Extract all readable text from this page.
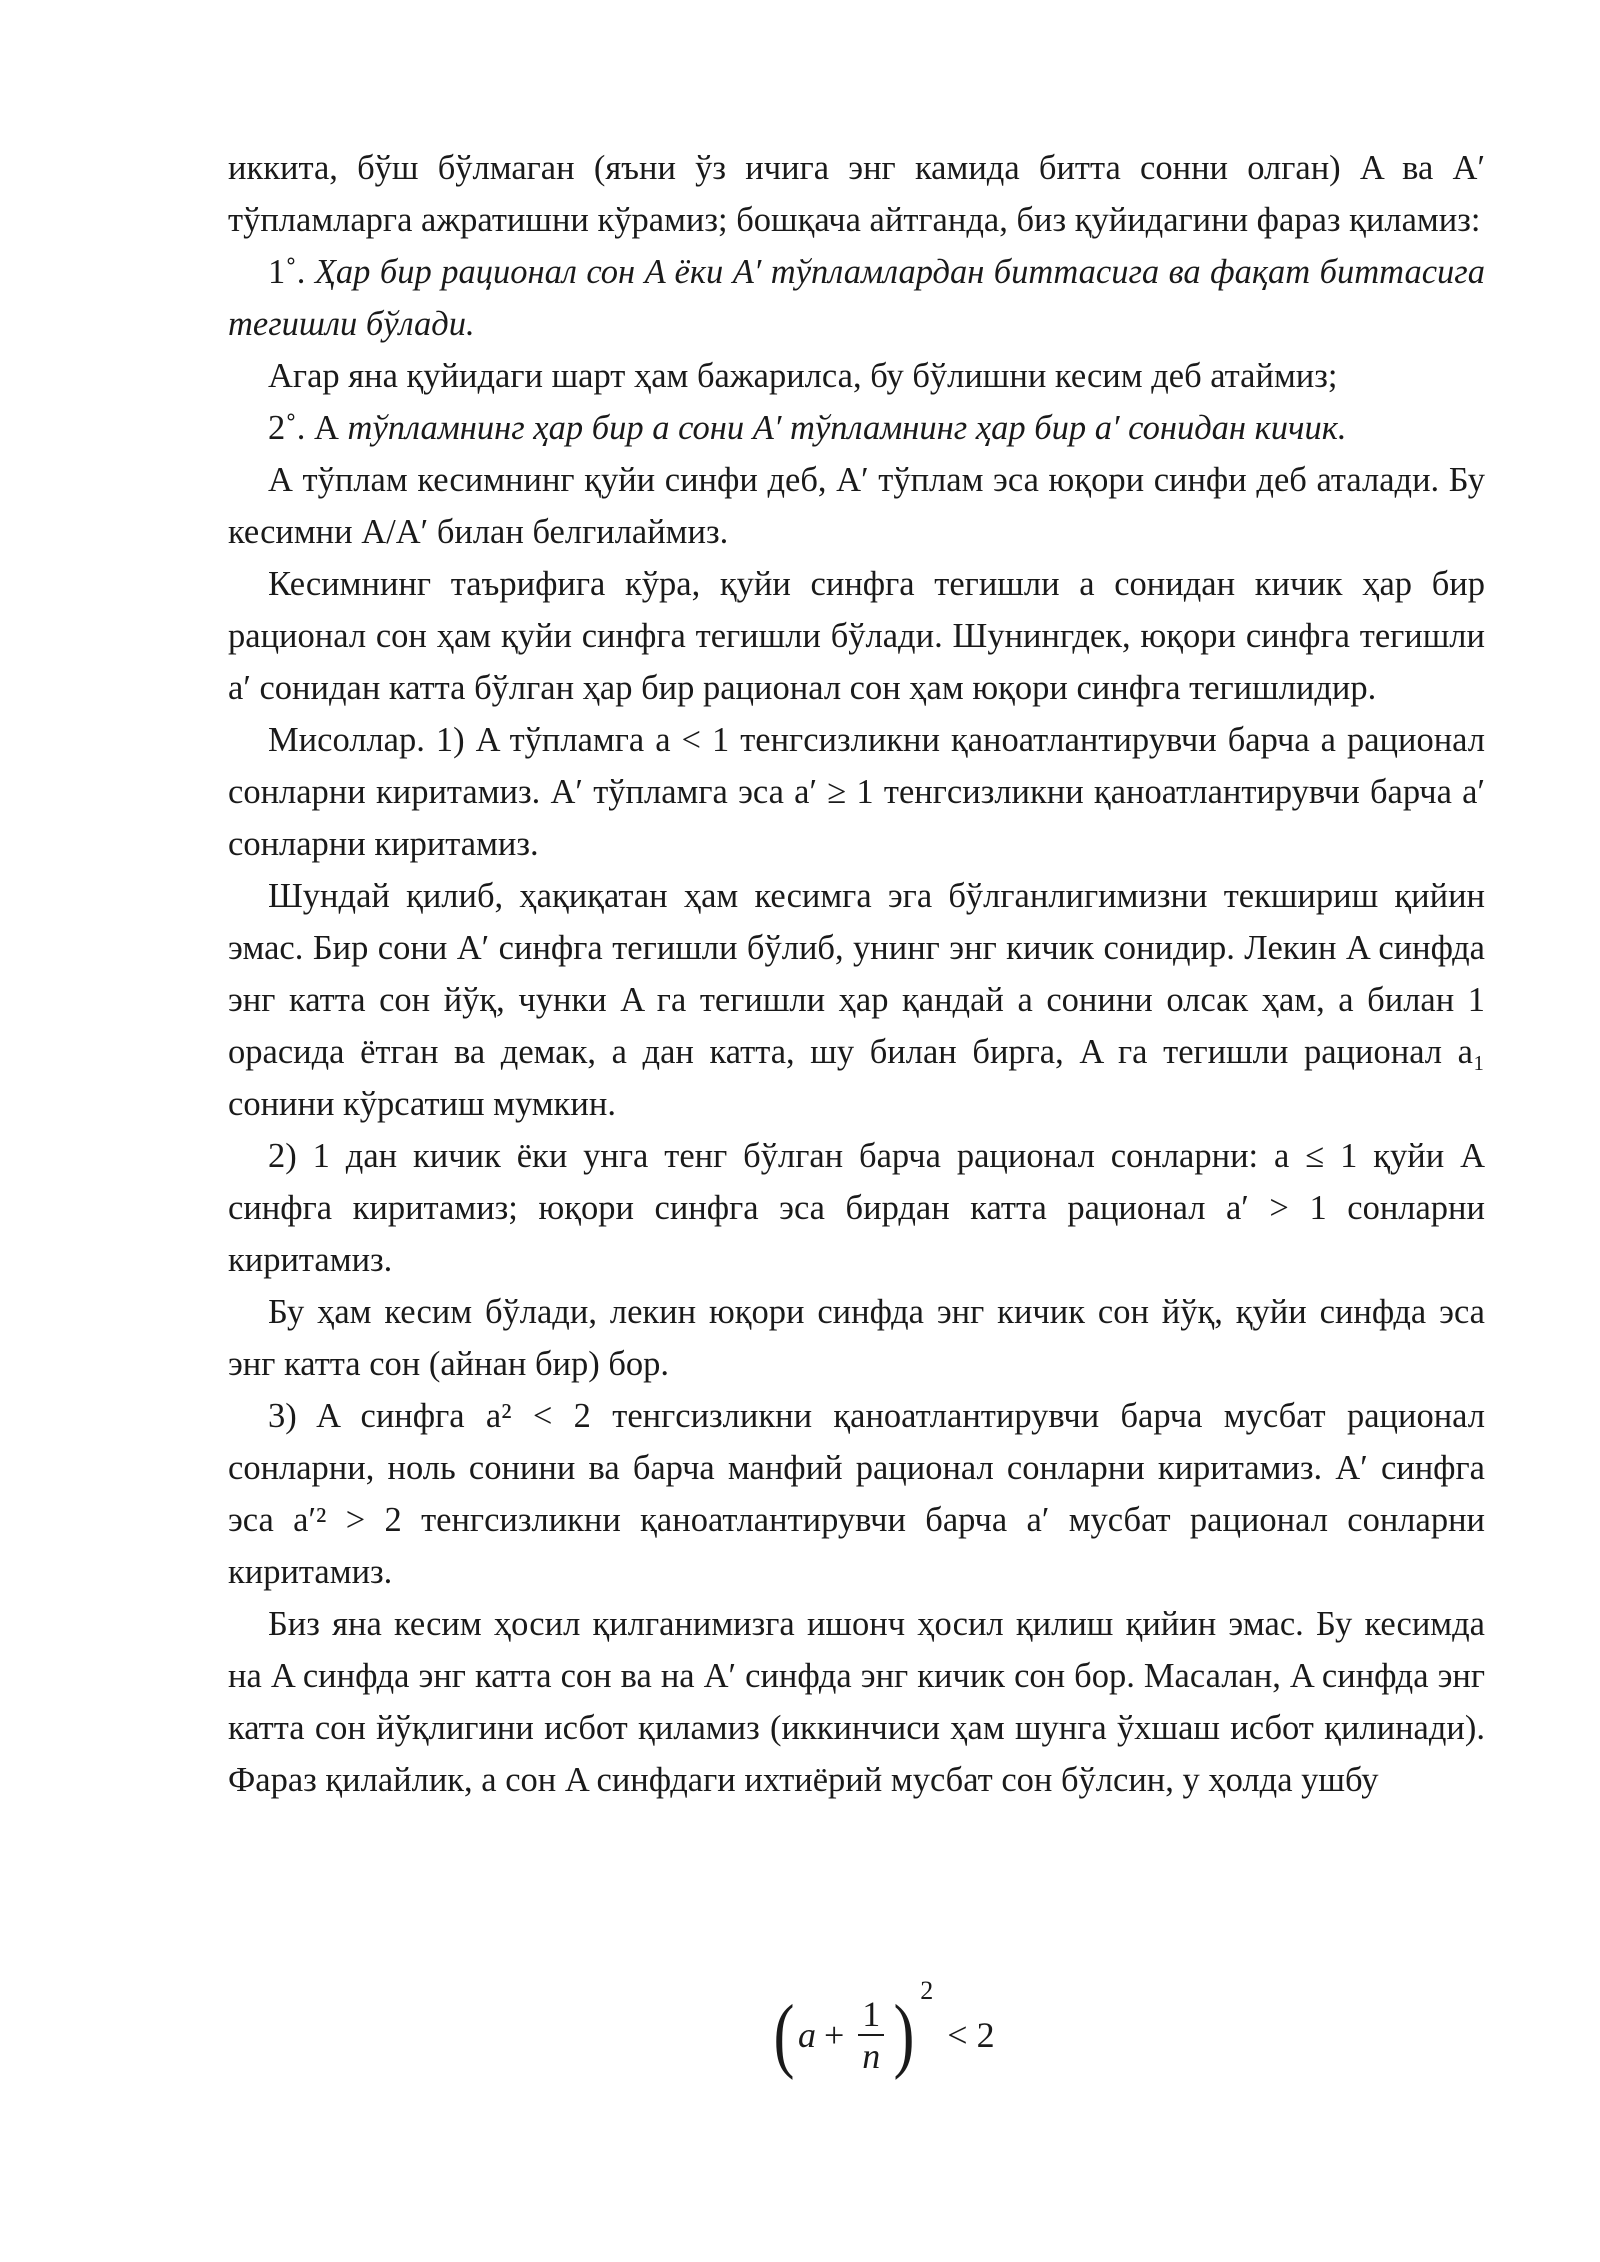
иккита, бўш бўлмаган (яъни ўз ичига энг камида битта сонни олган) A ва A′ тўпламларга ажратишни кўрамиз; бошқача айтганда, биз қуйидагини фараз қиламиз:

1˚. Ҳар бир рационал сон A ёки A′ тўпламлардан биттасига ва фақат биттасига тегишли бўлади.

Агар яна қуйидаги шарт ҳам бажарилса, бу бўлишни кесим деб атаймиз;

2˚. А тўпламнинг ҳар бир a сони A′ тўпламнинг ҳар бир a′ сонидан кичик.

А тўплам кесимнинг қуйи синфи деб, A′ тўплам эса юқори синфи деб аталади. Бу кесимни A/A′ билан белгилаймиз.

Кесимнинг таърифига кўра, қуйи синфга тегишли a сонидан кичик ҳар бир рационал сон ҳам қуйи синфга тегишли бўлади. Шунингдек, юқори синфга тегишли a′ сонидан катта бўлган ҳар бир рационал сон ҳам юқори синфга тегишлидир.

Мисоллар. 1) A тўпламга a < 1 тенгсизликни қаноатлантирувчи барча a рационал сонларни киритамиз. A′ тўпламга эса a′ ≥ 1 тенгсизликни қаноатлантирувчи барча a′ сонларни киритамиз.

Шундай қилиб, ҳақиқатан ҳам кесимга эга бўлганлигимизни текшириш қийин эмас. Бир сони A′ синфга тегишли бўлиб, унинг энг кичик сонидир. Лекин A синфда энг катта сон йўқ, чунки A га тегишли ҳар қандай a сонини олсак ҳам, a билан 1 орасида ётган ва демак, a дан катта, шу билан бирга, A га тегишли рационал a₁ сонини кўрсатиш мумкин.

2) 1 дан кичик ёки унга тенг бўлган барча рационал сонларни: a ≤ 1 қуйи A синфга киритамиз; юқори синфга эса бирдан катта рационал a′ > 1 сонларни киритамиз.

Бу ҳам кесим бўлади, лекин юқори синфда энг кичик сон йўқ, қуйи синфда эса энг катта сон (айнан бир) бор.

3) A синфга a² < 2 тенгсизликни қаноатлантирувчи барча мусбат рационал сонларни, ноль сонини ва барча манфий рационал сонларни киритамиз. A′ синфга эса a′² > 2 тенгсизликни қаноатлантирувчи барча a′ мусбат рационал сонларни киритамиз.

Биз яна кесим ҳосил қилганимизга ишонч ҳосил қилиш қийин эмас. Бу кесимда на A синфда энг катта сон ва на A′ синфда энг кичик сон бор. Масалан, A синфда энг катта сон йўқлигини исбот қиламиз (иккинчиси ҳам шунга ўхшаш исбот қилинади). Фараз қилайлик, a сон A синфдаги ихтиёрий мусбат сон бўлсин, у ҳолда ушбу

( $a + \frac{1}{n}$ ) 2
< 2
